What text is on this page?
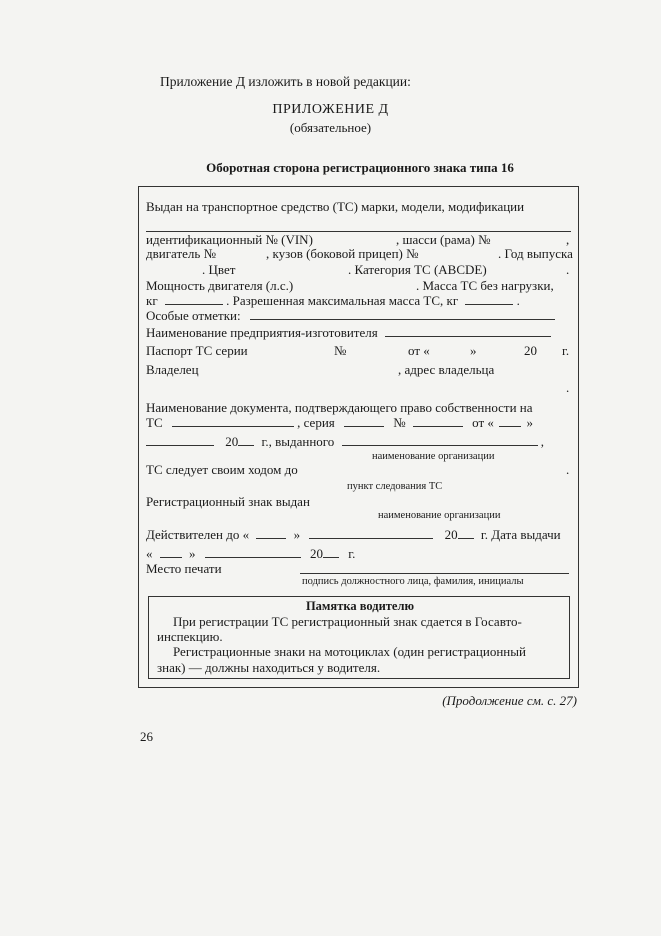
Приложение Д изложить в новой редакции:
ПРИЛОЖЕНИЕ Д
(обязательное)
Оборотная сторона регистрационного знака типа 16
Выдан на транспортное средство (ТС) марки, модели, модификации
идентификационный № (VIN)	, шасси (рама) №	,
двигатель №	, кузов (боковой прицеп) №	. Год выпуска
. Цвет	. Категория ТС (ABCDE)	.
Мощность двигателя (л.с.)	. Масса ТС без нагрузки,
кг	. Разрешенная максимальная масса ТС, кг	.
Особые отметки:
Наименование предприятия-изготовителя
Паспорт ТС серии	№	от «	»	20 г.
Владелец	, адрес владельца
.
Наименование документа, подтверждающего право собственности на
ТС	, серия	№	от «	»
20 г., выданного	,
наименование организации
ТС следует своим ходом до	.
пункт следования ТС
Регистрационный знак выдан
наименование организации
Действителен до «	»	20 г. Дата выдачи
«	»	20 г.
Место печати
подпись должностного лица, фамилия, инициалы
Памятка водителю
При регистрации ТС регистрационный знак сдается в Госавто-
инспекцию.
Регистрационные знаки на мотоциклах (один регистрационный
знак) — должны находиться у водителя.
(Продолжение см. с. 27)
26
